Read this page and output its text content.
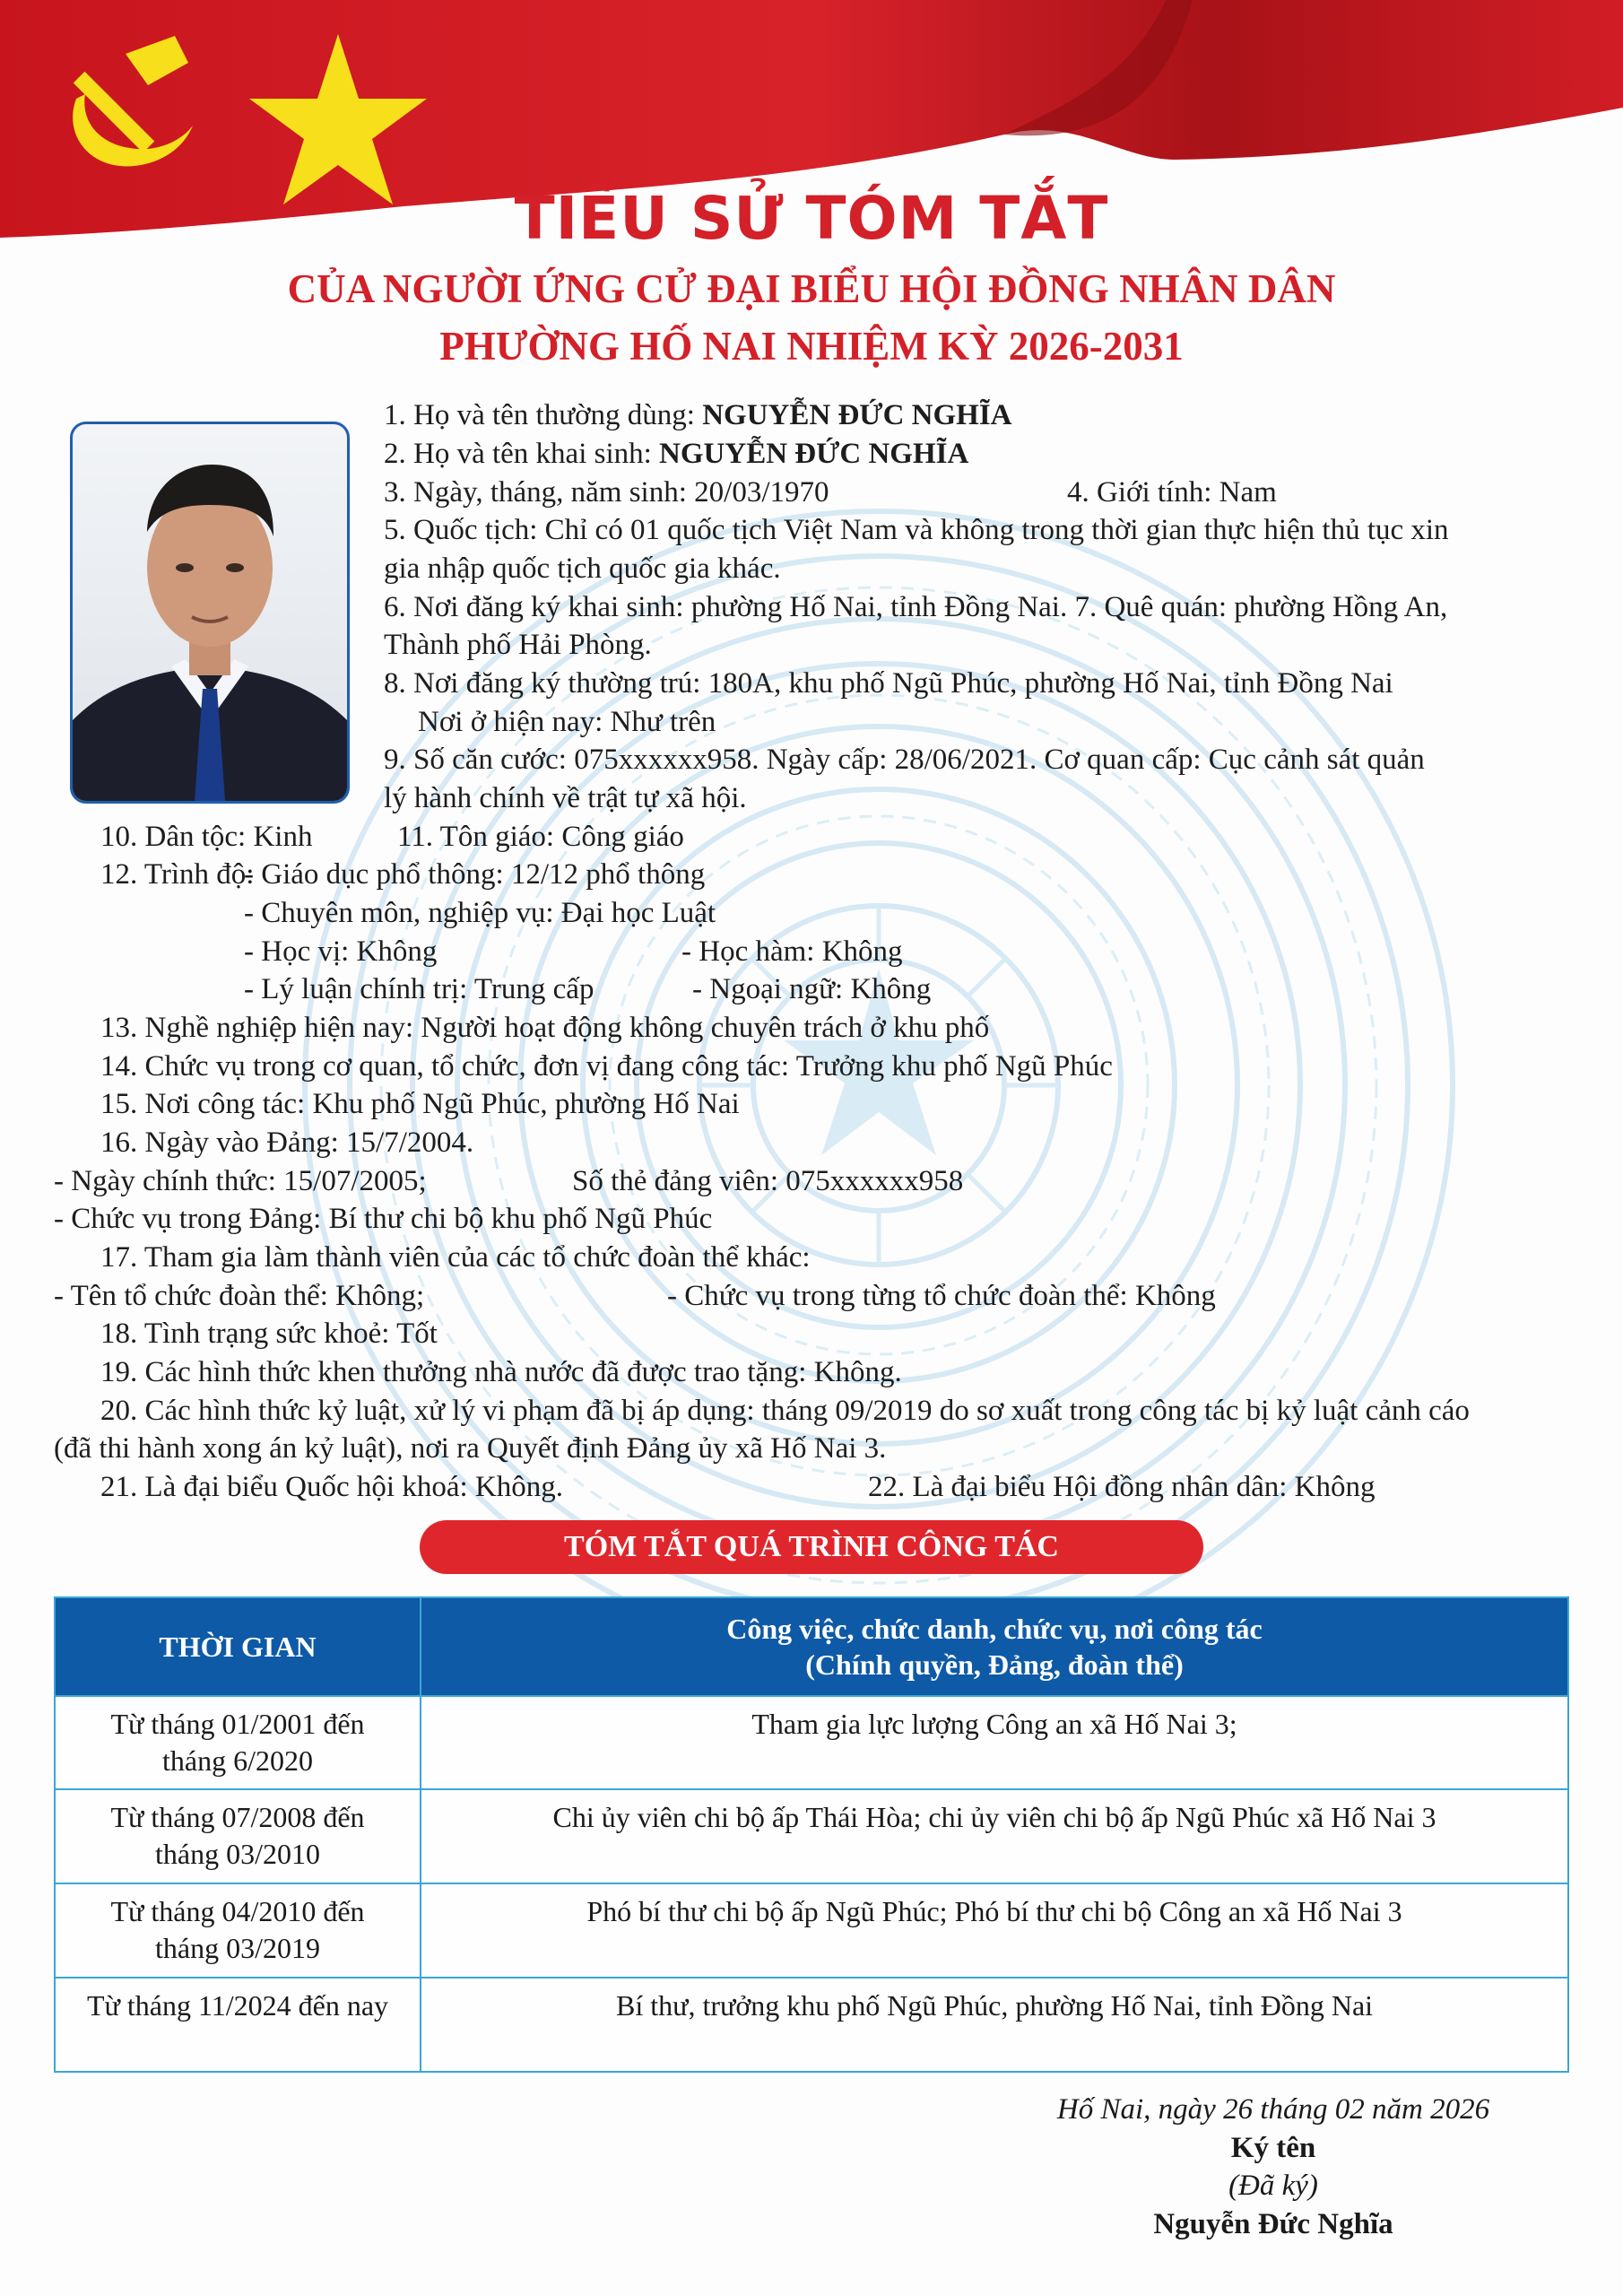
TIỂU SỬ TÓM TẮT
CỦA NGƯỜI ỨNG CỬ ĐẠI BIỂU HỘI ĐỒNG NHÂN DÂN
PHƯỜNG HỐ NAI NHIỆM KỲ 2026-2031
1. Họ và tên thường dùng: NGUYỄN ĐỨC NGHĨA
2. Họ và tên khai sinh: NGUYỄN ĐỨC NGHĨA
3. Ngày, tháng, năm sinh: 20/03/1970	4. Giới tính: Nam
5. Quốc tịch: Chỉ có 01 quốc tịch Việt Nam và không trong thời gian thực hiện thủ tục xin
gia nhập quốc tịch quốc gia khác.
6. Nơi đăng ký khai sinh: phường Hố Nai, tỉnh Đồng Nai. 7. Quê quán: phường Hồng An,
Thành phố Hải Phòng.
8. Nơi đăng ký thường trú: 180A, khu phố Ngũ Phúc, phường Hố Nai, tỉnh Đồng Nai
Nơi ở hiện nay: Như trên
9. Số căn cước: 075xxxxxx958. Ngày cấp: 28/06/2021. Cơ quan cấp: Cục cảnh sát quản
lý hành chính về trật tự xã hội.
10. Dân tộc: Kinh	11. Tôn giáo: Công giáo
12. Trình độ:
- Giáo dục phổ thông: 12/12 phổ thông
- Chuyên môn, nghiệp vụ: Đại học Luật
- Học vị: Không	- Học hàm: Không
- Lý luận chính trị: Trung cấp	- Ngoại ngữ: Không
13. Nghề nghiệp hiện nay: Người hoạt động không chuyên trách ở khu phố
14. Chức vụ trong cơ quan, tổ chức, đơn vị đang công tác: Trưởng khu phố Ngũ Phúc
15. Nơi công tác: Khu phố Ngũ Phúc, phường Hố Nai
16. Ngày vào Đảng: 15/7/2004.
- Ngày chính thức: 15/07/2005;	Số thẻ đảng viên: 075xxxxxx958
- Chức vụ trong Đảng: Bí thư chi bộ khu phố Ngũ Phúc
17. Tham gia làm thành viên của các tổ chức đoàn thể khác:
- Tên tổ chức đoàn thể: Không;	- Chức vụ trong từng tổ chức đoàn thể: Không
18. Tình trạng sức khoẻ: Tốt
19. Các hình thức khen thưởng nhà nước đã được trao tặng: Không.
20. Các hình thức kỷ luật, xử lý vi phạm đã bị áp dụng: tháng 09/2019 do sơ xuất trong công tác bị kỷ luật cảnh cáo
(đã thi hành xong án kỷ luật), nơi ra Quyết định Đảng ủy xã Hố Nai 3.
21. Là đại biểu Quốc hội khoá: Không.	22. Là đại biểu Hội đồng nhân dân: Không
TÓM TẮT QUÁ TRÌNH CÔNG TÁC
THỜI GIAN	Công việc, chức danh, chức vụ, nơi công tác
(Chính quyền, Đảng, đoàn thể)
Từ tháng 01/2001 đến
tháng 6/2020	Tham gia lực lượng Công an xã Hố Nai 3;
Từ tháng 07/2008 đến
tháng 03/2010	Chi ủy viên chi bộ ấp Thái Hòa; chi ủy viên chi bộ ấp Ngũ Phúc xã Hố Nai 3
Từ tháng 04/2010 đến
tháng 03/2019	Phó bí thư chi bộ ấp Ngũ Phúc; Phó bí thư chi bộ Công an xã Hố Nai 3
Từ tháng 11/2024 đến nay	Bí thư, trưởng khu phố Ngũ Phúc, phường Hố Nai, tỉnh Đồng Nai
Hố Nai, ngày 26 tháng 02 năm 2026
Ký tên
(Đã ký)
Nguyễn Đức Nghĩa
